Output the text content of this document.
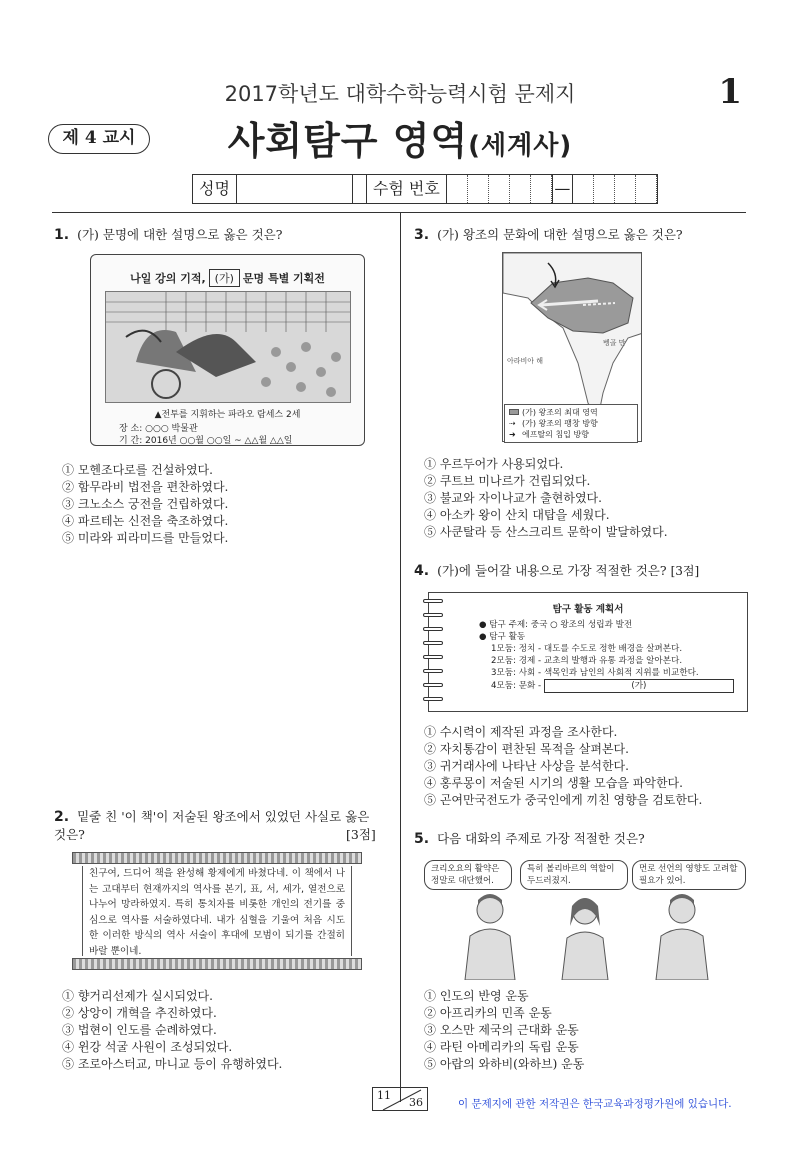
2017학년도 대학수학능력시험 문제지	1
제 4 교시	사회탐구 영역(세계사)
성명	수험 번호	—
1. (가) 문명에 대한 설명으로 옳은 것은?
나일 강의 기적, (가) 문명 특별 기획전
▲전투를 지휘하는 파라오 람세스 2세
장 소: ○○○ 박물관
기 간: 2016년 ○○월 ○○일 ~ △△월 △△일
① 모헨조다로를 건설하였다.
② 함무라비 법전을 편찬하였다.
③ 크노소스 궁전을 건립하였다.
④ 파르테논 신전을 축조하였다.
⑤ 미라와 피라미드를 만들었다.
2. 밑줄 친 '이 책'이 저술된 왕조에서 있었던 사실로 옳은 것은?	[3점]
친구여, 드디어 책을 완성해 황제에게 바쳤다네. 이 책에서 나는 고대부터 현재까지의 역사를 본기, 표, 서, 세가, 열전으로 나누어 망라하였지. 특히 통치자를 비롯한 개인의 전기를 중심으로 역사를 서술하였다네. 내가 심혈을 기울여 처음 시도한 이러한 방식의 역사 서술이 후대에 모범이 되기를 간절히 바랄 뿐이네.
① 향거리선제가 실시되었다.
② 상앙이 개혁을 추진하였다.
③ 법현이 인도를 순례하였다.
④ 윈강 석굴 사원이 조성되었다.
⑤ 조로아스터교, 마니교 등이 유행하였다.
3. (가) 왕조의 문화에 대한 설명으로 옳은 것은?
벵골 만
아라비아 해
(가) 왕조의 최대 영역
⇢ (가) 왕조의 팽창 방향
➜ 에프탈의 침입 방향
① 우르두어가 사용되었다.
② 쿠트브 미나르가 건립되었다.
③ 불교와 자이나교가 출현하였다.
④ 아소카 왕이 산치 대탑을 세웠다.
⑤ 사쿤탈라 등 산스크리트 문학이 발달하였다.
4. (가)에 들어갈 내용으로 가장 적절한 것은? [3점]
탐구 활동 계획서
● 탐구 주제: 중국 ○ 왕조의 성립과 발전
● 탐구 활동
1모둠: 정치 - 대도를 수도로 정한 배경을 살펴본다.
2모둠: 경제 - 교초의 발행과 유통 과정을 알아본다.
3모둠: 사회 - 색목인과 남인의 사회적 지위를 비교한다.
4모둠: 문화 -	(가)
① 수시력이 제작된 과정을 조사한다.
② 자치통감이 편찬된 목적을 살펴본다.
③ 귀거래사에 나타난 사상을 분석한다.
④ 홍루몽이 저술된 시기의 생활 모습을 파악한다.
⑤ 곤여만국전도가 중국인에게 끼친 영향을 검토한다.
5. 다음 대화의 주제로 가장 적절한 것은?
크리오요의 활약은 정말로 대단했어.
특히 볼리바르의 역할이 두드러졌지.
먼로 선언의 영향도 고려할 필요가 있어.
① 인도의 반영 운동
② 아프리카의 민족 운동
③ 오스만 제국의 근대화 운동
④ 라틴 아메리카의 독립 운동
⑤ 아랍의 와하비(와하브) 운동
11
36	이 문제지에 관한 저작권은 한국교육과정평가원에 있습니다.
